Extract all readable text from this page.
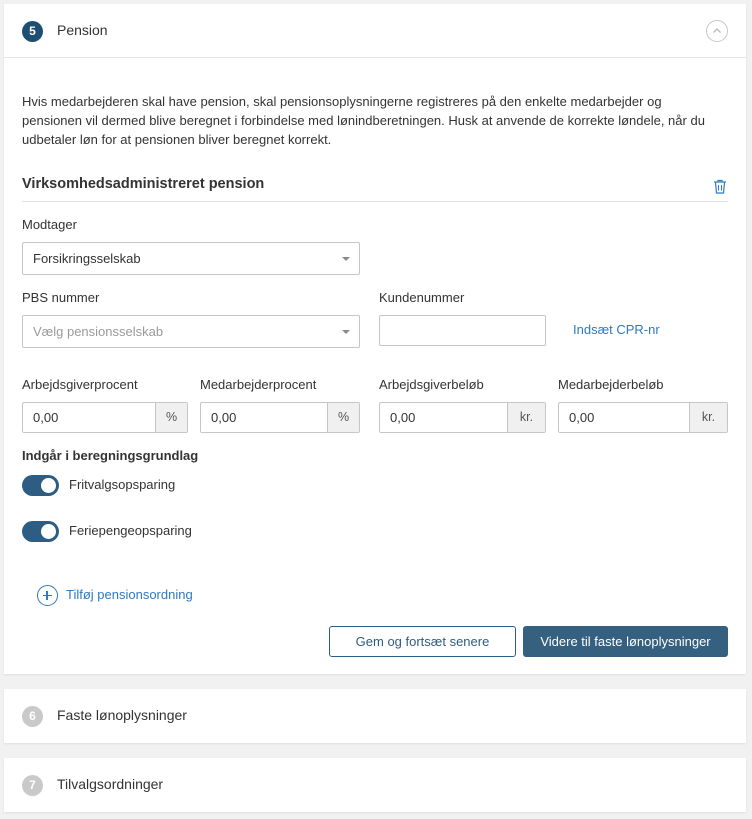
5	Pension

Hvis medarbejderen skal have pension, skal pensionsoplysningerne registreres på den enkelte medarbejder og pensionen vil dermed blive beregnet i forbindelse med lønindberetningen. Husk at anvende de korrekte løndele, når du udbetaler løn for at pensionen bliver beregnet korrekt.

Virksomhedsadministreret pension
Modtager
Forsikringsselskab
PBS nummer
Vælg pensionsselskab
Kundenummer
Indsæt CPR-nr
Arbejdsgiverprocent
0,00	%
Medarbejderprocent
0,00	%
Arbejdsgiverbeløb
0,00	kr.
Medarbejderbeløb
0,00	kr.
Indgår i beregningsgrundlag
Fritvalgsopsparing
Feriepengeopsparing
Tilføj pensionsordning
Gem og fortsæt senere	Videre til faste lønoplysninger
6	Faste lønoplysninger
7	Tilvalgsordninger
